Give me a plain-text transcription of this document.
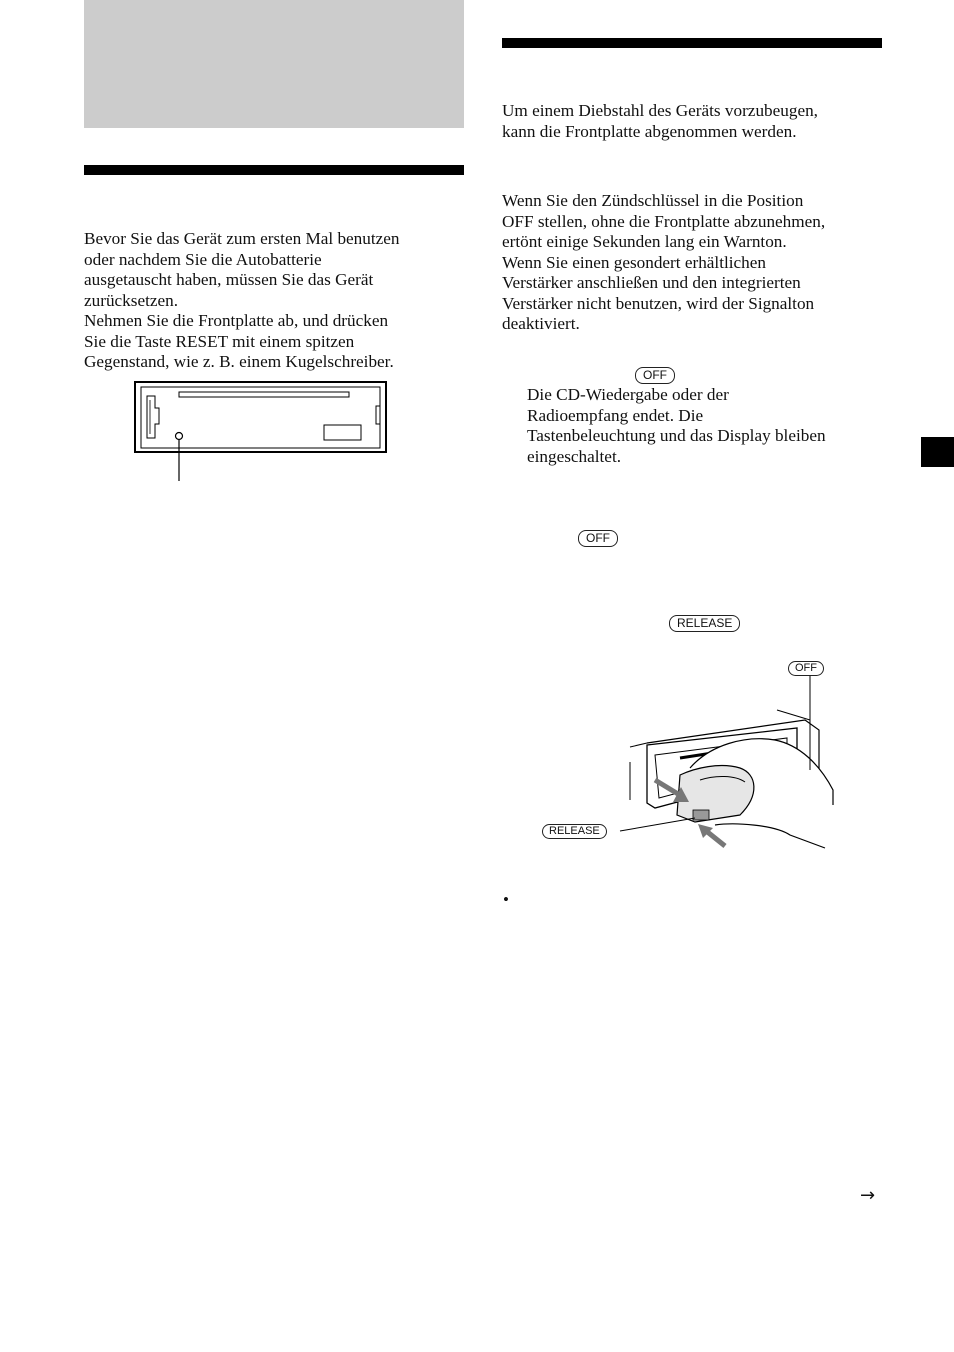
Bevor Sie das Gerät zum ersten Mal benutzen

oder nachdem Sie die Autobatterie

ausgetauscht haben, müssen Sie das Gerät

zurücksetzen.

Nehmen Sie die Frontplatte ab, und drücken

Sie die Taste RESET mit einem spitzen

Gegenstand, wie z. B. einem Kugelschreiber.

Um einem Diebstahl des Geräts vorzubeugen,

kann die Frontplatte abgenommen werden.

Wenn Sie den Zündschlüssel in die Position

OFF stellen, ohne die Frontplatte abzunehmen,

ertönt einige Sekunden lang ein Warnton.

Wenn Sie einen gesondert erhältlichen

Verstärker anschließen und den integrierten

Verstärker nicht benutzen, wird der Signalton

deaktiviert.

OFF

Die CD-Wiedergabe oder der

Radioempfang endet. Die

Tastenbeleuchtung und das Display bleiben

eingeschaltet.

OFF
RELEASE
OFF
RELEASE
•
→
